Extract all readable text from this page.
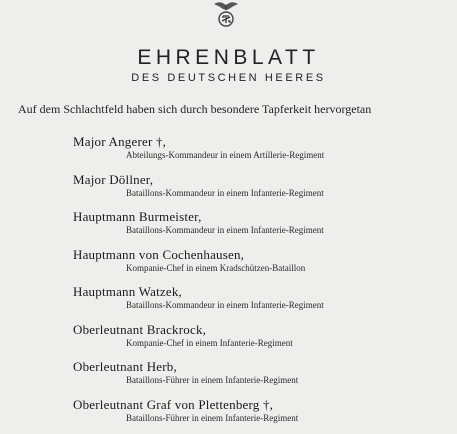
EHRENBLATT
DES DEUTSCHEN HEERES
Auf dem Schlachtfeld haben sich durch besondere Tapferkeit hervorgetan
Major Angerer †,
Abteilungs-Kommandeur in einem Artillerie-Regiment
Major Döllner,
Bataillons-Kommandeur in einem Infanterie-Regiment
Hauptmann Burmeister,
Bataillons-Kommandeur in einem Infanterie-Regiment
Hauptmann von Cochenhausen,
Kompanie-Chef in einem Kradschützen-Bataillon
Hauptmann Watzek,
Bataillons-Kommandeur in einem Infanterie-Regiment
Oberleutnant Brackrock,
Kompanie-Chef in einem Infanterie-Regiment
Oberleutnant Herb,
Bataillons-Führer in einem Infanterie-Regiment
Oberleutnant Graf von Plettenberg †,
Bataillons-Führer in einem Infanterie-Regiment
